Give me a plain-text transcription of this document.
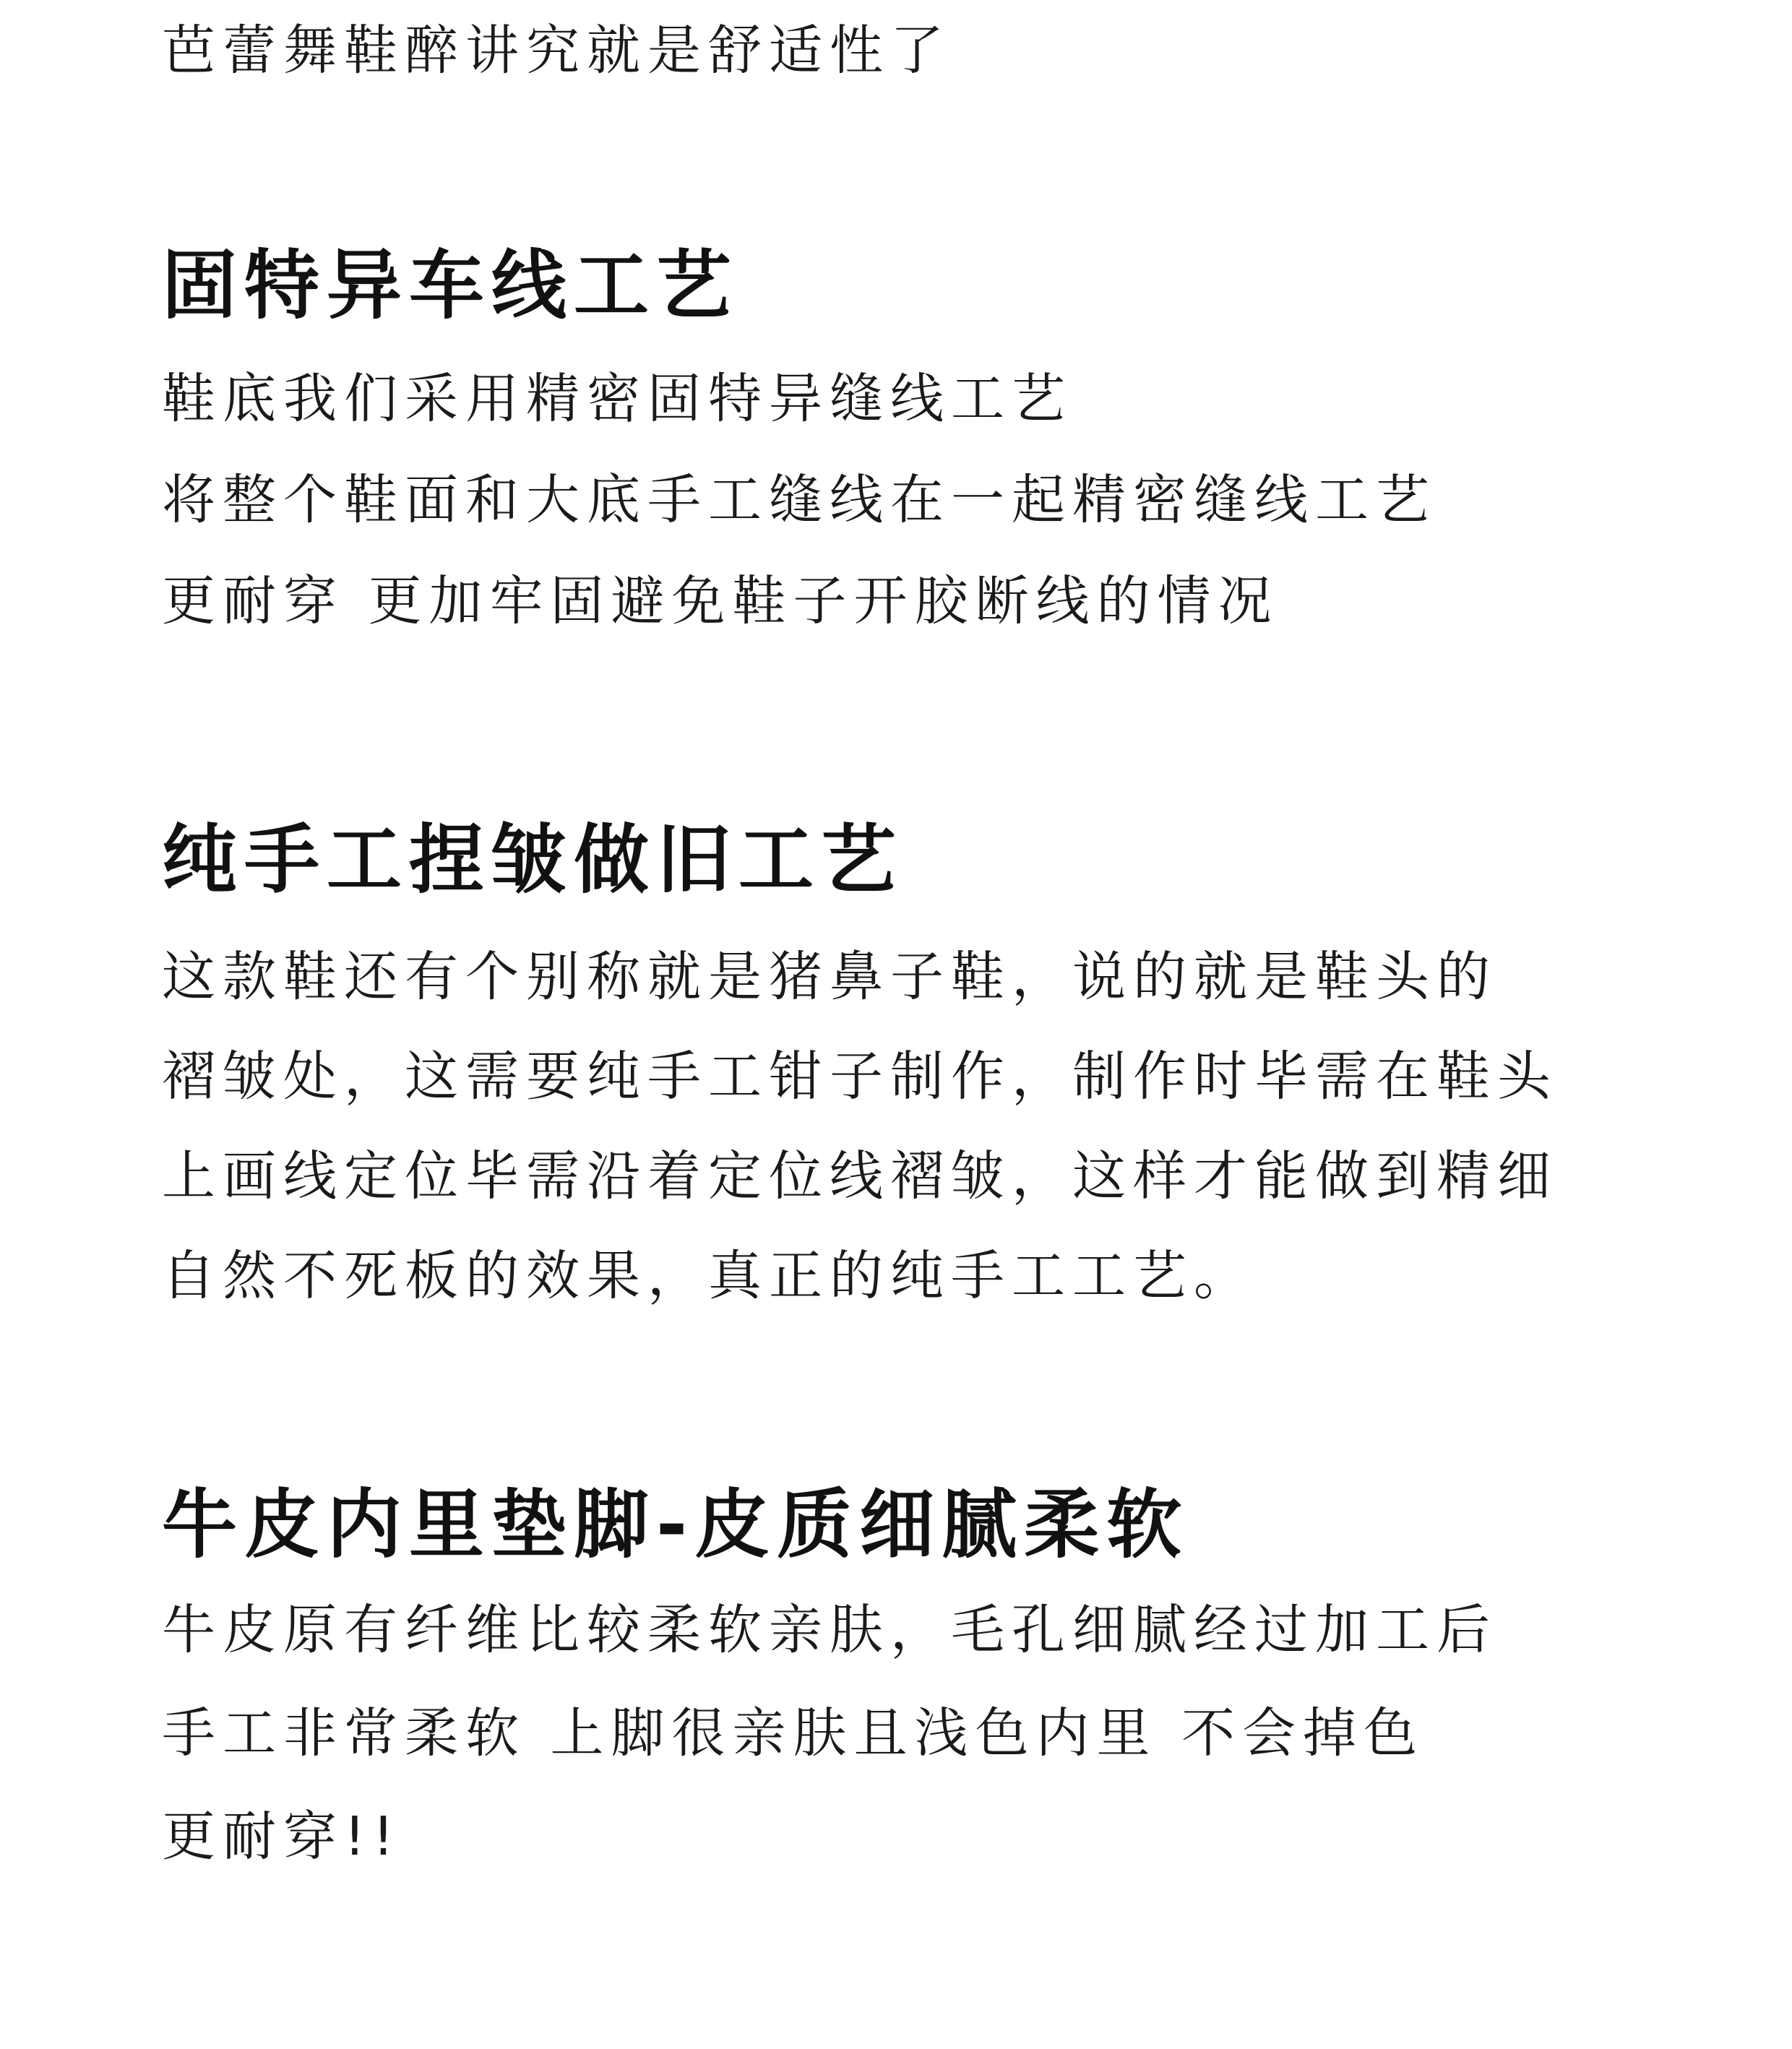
芭蕾舞鞋醉讲究就是舒适性了

固特异车线工艺
鞋底我们采用精密固特异缝线工艺
将整个鞋面和大底手工缝线在一起精密缝线工艺
更耐穿 更加牢固避免鞋子开胶断线的情况
纯手工捏皱做旧工艺
这款鞋还有个别称就是猪鼻子鞋，说的就是鞋头的
褶皱处，这需要纯手工钳子制作，制作时毕需在鞋头
上画线定位毕需沿着定位线褶皱，这样才能做到精细
自然不死板的效果，真正的纯手工工艺。
牛皮内里垫脚-皮质细腻柔软
牛皮原有纤维比较柔软亲肤，毛孔细腻经过加工后
手工非常柔软 上脚很亲肤且浅色内里 不会掉色
更耐穿!!
